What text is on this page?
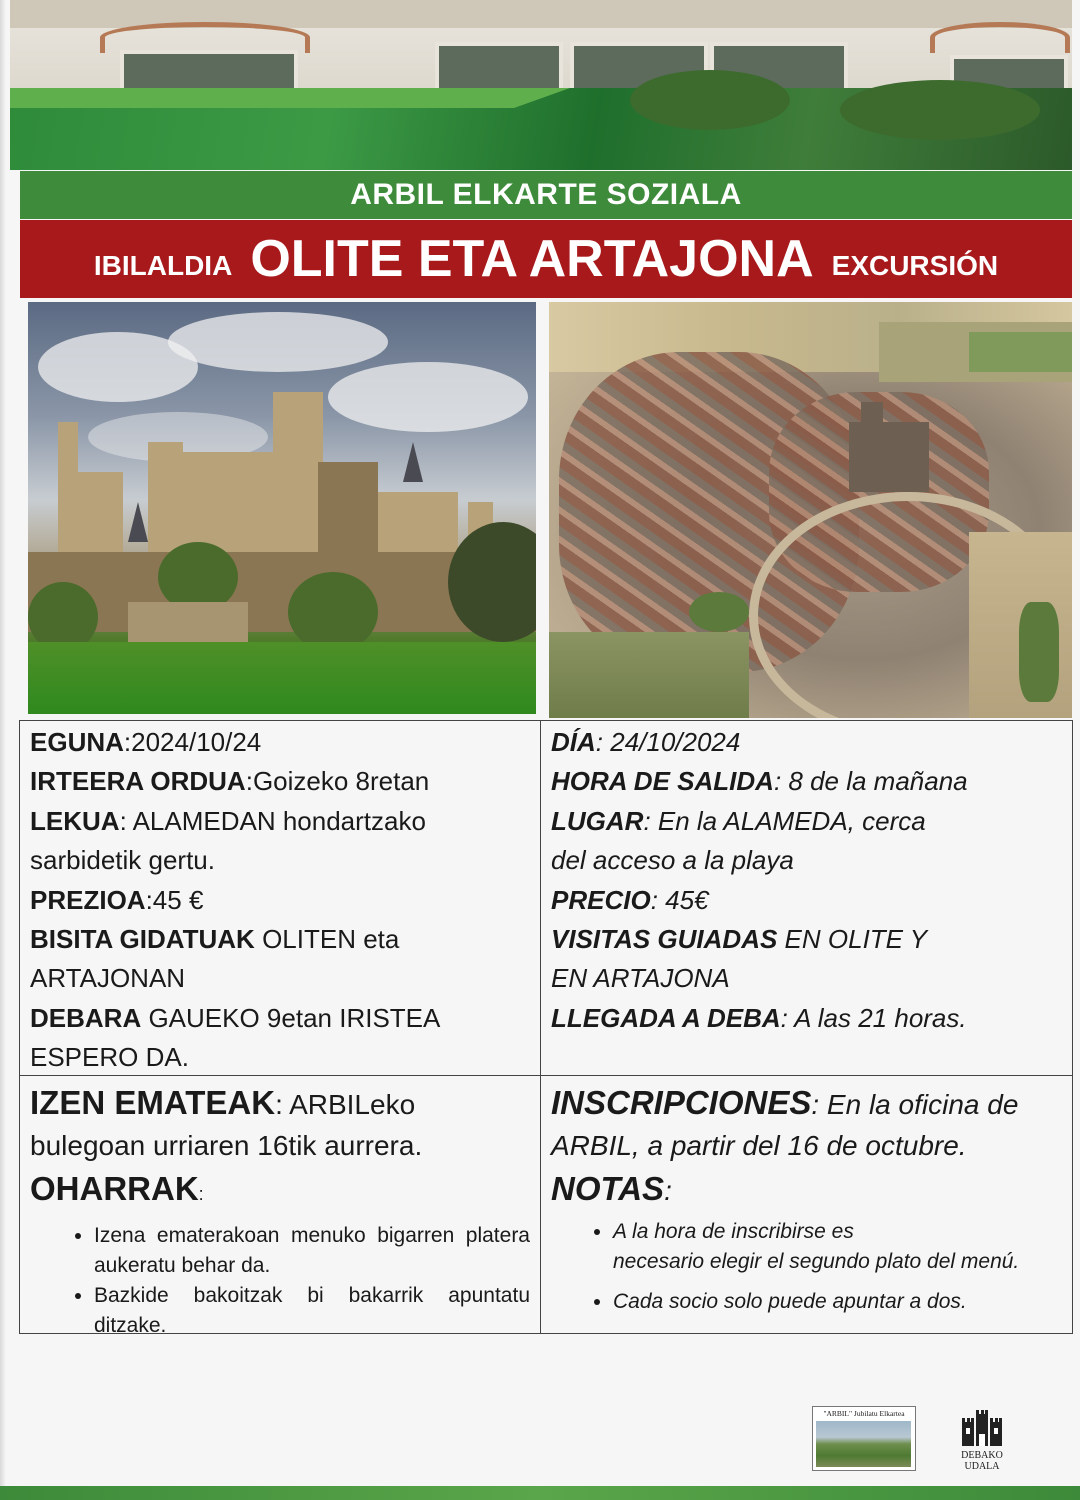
ARBIL ELKARTE SOZIALA
IBILALDIA OLITE ETA ARTAJONA EXCURSIÓN
EGUNA:2024/10/24
IRTEERA ORDUA:Goizeko 8retan
LEKUA: ALAMEDAN hondartzako
sarbidetik gertu.
PREZIOA:45 €
BISITA GIDATUAK OLITEN eta
ARTAJONAN
DEBARA GAUEKO 9etan IRISTEA
ESPERO DA.
DÍA: 24/10/2024
HORA DE SALIDA: 8 de la mañana
LUGAR: En la ALAMEDA, cerca
del acceso a la playa
PRECIO: 45€
VISITAS GUIADAS EN OLITE Y
EN ARTAJONA
LLEGADA A DEBA: A las 21 horas.
IZEN EMATEAK: ARBILeko
bulegoan urriaren 16tik aurrera.
OHARRAK:
• Izena ematerakoan menuko bigarren platera aukeratu behar da.
• Bazkide bakoitzak bi bakarrik apuntatu ditzake.
INSCRIPCIONES: En la oficina de
ARBIL, a partir del 16 de octubre.
NOTAS:
• A la hora de inscribirse es
necesario elegir el segundo plato del menú.
• Cada socio solo puede apuntar a dos.
"ARBIL" Jubilatu Elkartea
DEBAKO UDALA
